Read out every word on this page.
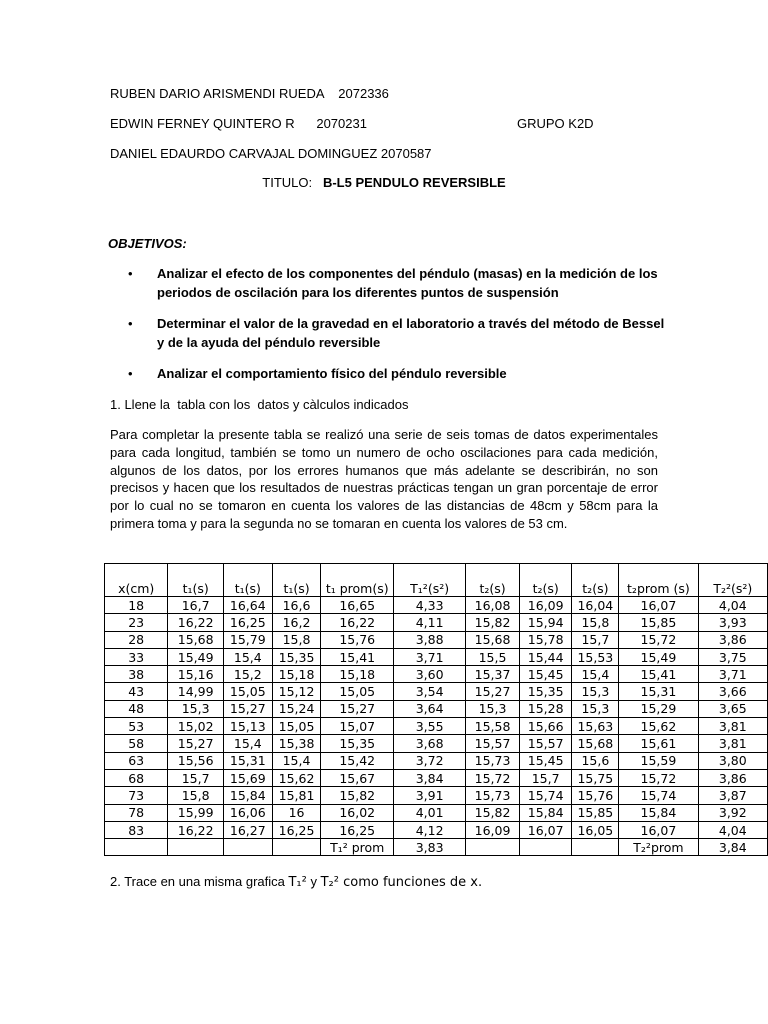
RUBEN DARIO ARISMENDI RUEDA 2072336
EDWIN FERNEY QUINTERO R 2070231	GRUPO K2D
DANIEL EDAURDO CARVAJAL DOMINGUEZ 2070587
TITULO: B-L5 PENDULO REVERSIBLE
OBJETIVOS:
• Analizar el efecto de los componentes del péndulo (masas) en la medición de los periodos de oscilación para los diferentes puntos de suspensión
• Determinar el valor de la gravedad en el laboratorio a través del método de Bessel y de la ayuda del péndulo reversible
• Analizar el comportamiento físico del péndulo reversible
1. Llene la  tabla con los  datos y càlculos indicados

Para completar la presente tabla se realizó una serie de seis tomas de datos experimentales para cada longitud, también se tomo un numero de ocho oscilaciones para cada medición, algunos de los datos, por los errores humanos que más adelante se describirán, no son precisos y hacen que los resultados de nuestras prácticas tengan un gran porcentaje de error por lo cual no se tomaron en cuenta los valores de las distancias de 48cm y 58cm para la primera toma y para la segunda no se tomaran en cuenta los valores de 53 cm.

x(cm)	t₁(s)	t₁(s)	t₁(s)	t₁ prom(s)	T₁²(s²)	t₂(s)	t₂(s)	t₂(s)	t₂prom (s)	T₂²(s²)
18	16,7	16,64	16,6	16,65	4,33	16,08	16,09	16,04	16,07	4,04
23	16,22	16,25	16,2	16,22	4,11	15,82	15,94	15,8	15,85	3,93
28	15,68	15,79	15,8	15,76	3,88	15,68	15,78	15,7	15,72	3,86
33	15,49	15,4	15,35	15,41	3,71	15,5	15,44	15,53	15,49	3,75
38	15,16	15,2	15,18	15,18	3,60	15,37	15,45	15,4	15,41	3,71
43	14,99	15,05	15,12	15,05	3,54	15,27	15,35	15,3	15,31	3,66
48	15,3	15,27	15,24	15,27	3,64	15,3	15,28	15,3	15,29	3,65
53	15,02	15,13	15,05	15,07	3,55	15,58	15,66	15,63	15,62	3,81
58	15,27	15,4	15,38	15,35	3,68	15,57	15,57	15,68	15,61	3,81
63	15,56	15,31	15,4	15,42	3,72	15,73	15,45	15,6	15,59	3,80
68	15,7	15,69	15,62	15,67	3,84	15,72	15,7	15,75	15,72	3,86
73	15,8	15,84	15,81	15,82	3,91	15,73	15,74	15,76	15,74	3,87
78	15,99	16,06	16	16,02	4,01	15,82	15,84	15,85	15,84	3,92
83	16,22	16,27	16,25	16,25	4,12	16,09	16,07	16,05	16,07	4,04
				T₁² prom	3,83				T₂²prom	3,84
2. Trace en una misma grafica T₁² y T₂² como funciones de x.
